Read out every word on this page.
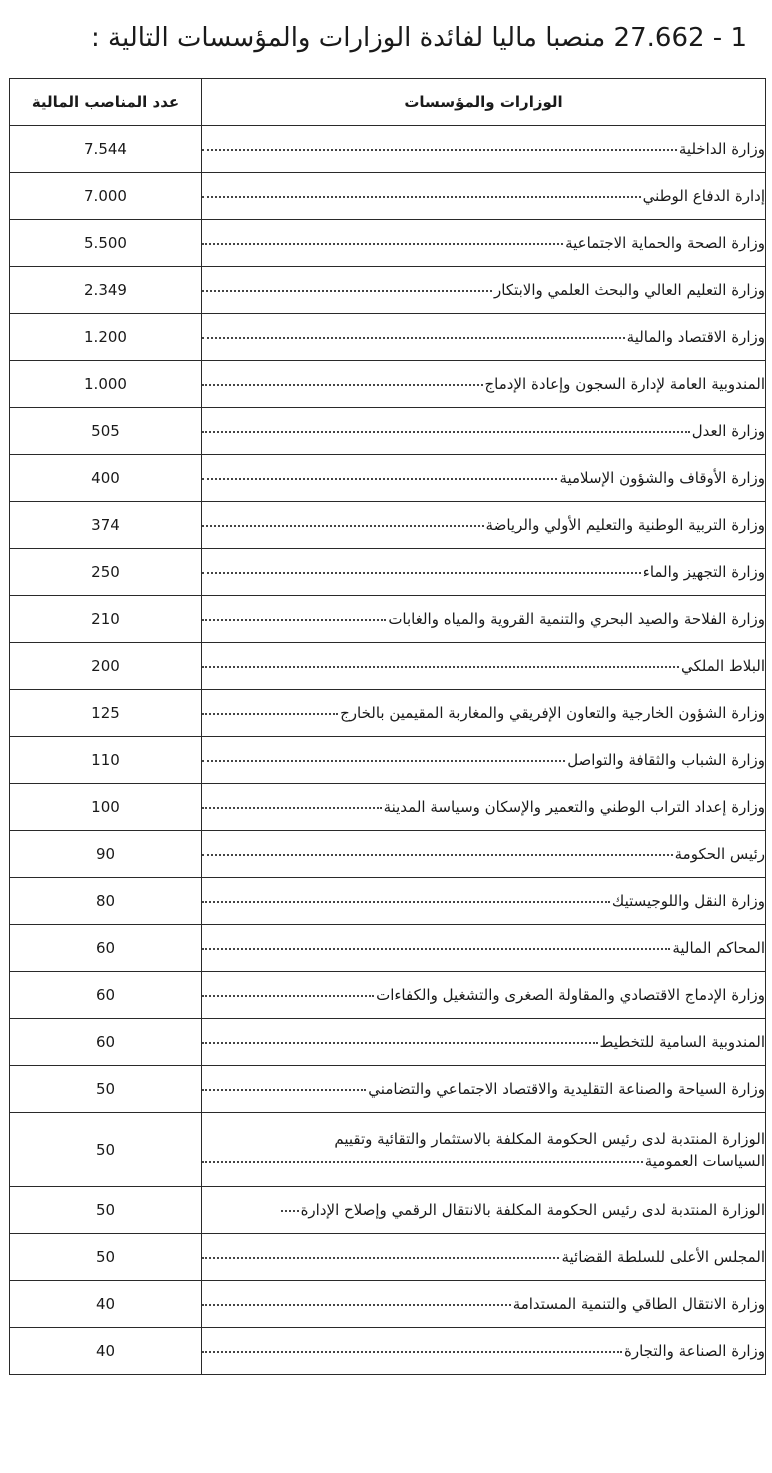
1 - 27.662 منصبا ماليا لفائدة الوزارات والمؤسسات التالية :
الوزارات والمؤسسات	عدد المناصب المالية

وزارة الداخلية	7.544

إدارة الدفاع الوطني	7.000

وزارة الصحة والحماية الاجتماعية	5.500

وزارة التعليم العالي والبحث العلمي والابتكار	2.349

وزارة الاقتصاد والمالية	1.200

المندوبية العامة لإدارة السجون وإعادة الإدماج	1.000

وزارة العدل	505

وزارة الأوقاف والشؤون الإسلامية	400

وزارة التربية الوطنية والتعليم الأولي والرياضة	374

وزارة التجهيز والماء	250

وزارة الفلاحة والصيد البحري والتنمية القروية والمياه والغابات	210

البلاط الملكي	200

وزارة الشؤون الخارجية والتعاون الإفريقي والمغاربة المقيمين بالخارج	125

وزارة الشباب والثقافة والتواصل	110

وزارة إعداد التراب الوطني والتعمير والإسكان وسياسة المدينة	100

رئيس الحكومة	90

وزارة النقل واللوجيستيك	80

المحاكم المالية	60

وزارة الإدماج الاقتصادي والمقاولة الصغرى والتشغيل والكفاءات	60

المندوبية السامية للتخطيط	60

وزارة السياحة والصناعة التقليدية والاقتصاد الاجتماعي والتضامني	50

الوزارة المنتدبة لدى رئيس الحكومة المكلفة بالاستثمار والتقائية وتقييم
السياسات العمومية	50

الوزارة المنتدبة لدى رئيس الحكومة المكلفة بالانتقال الرقمي وإصلاح الإدارة	50

المجلس الأعلى للسلطة القضائية	50

وزارة الانتقال الطاقي والتنمية المستدامة	40

وزارة الصناعة والتجارة	40
